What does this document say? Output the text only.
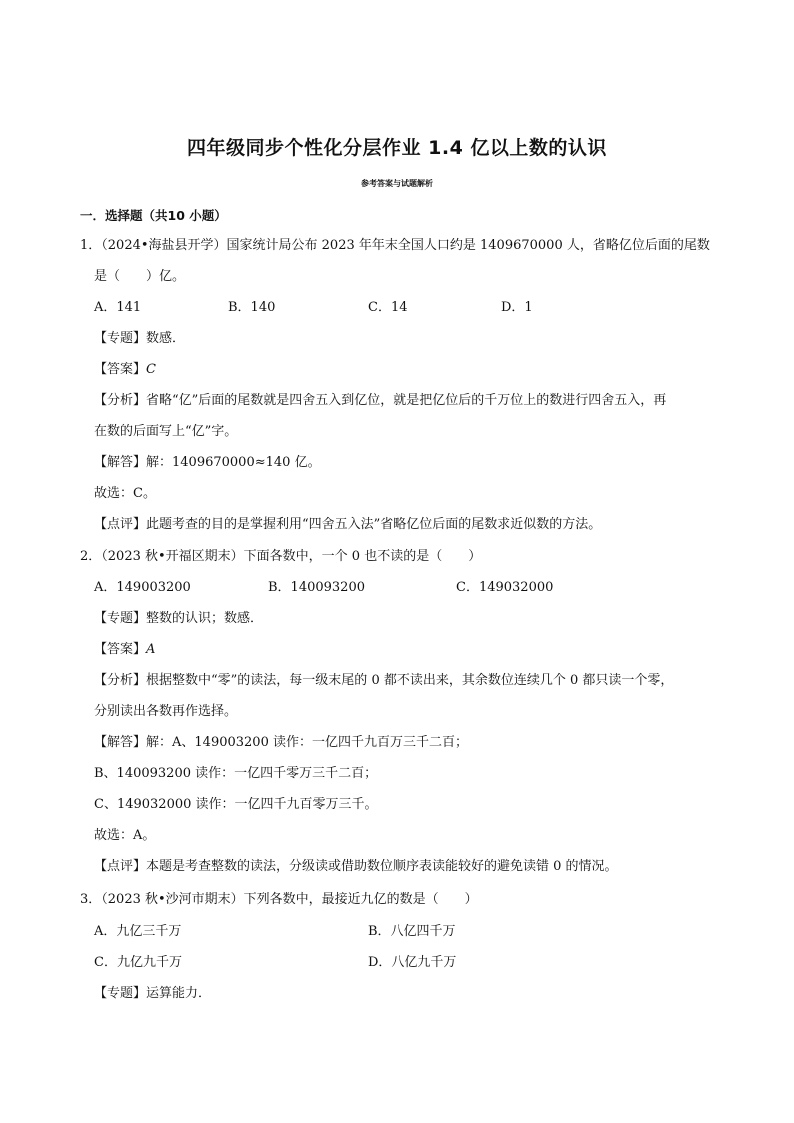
四年级同步个性化分层作业 1.4 亿以上数的认识
参考答案与试题解析
一．选择题（共10 小题）
1．（2024•海盐县开学）国家统计局公布 2023 年年末全国人口约是 1409670000 人，省略亿位后面的尾数
是（　　）亿。
A．141	B．140	C．14	D．1
【专题】数感．
【答案】C
【分析】省略“亿”后面的尾数就是四舍五入到亿位，就是把亿位后的千万位上的数进行四舍五入，再
在数的后面写上“亿”字。
【解答】解：1409670000≈140 亿。
故选：C。
【点评】此题考查的目的是掌握利用“四舍五入法”省略亿位后面的尾数求近似数的方法。
2．（2023 秋•开福区期末）下面各数中，一个 0 也不读的是（　　）
A．149003200	B．140093200	C．149032000
【专题】整数的认识；数感．
【答案】A
【分析】根据整数中“零”的读法，每一级末尾的 0 都不读出来，其余数位连续几个 0 都只读一个零，
分别读出各数再作选择。
【解答】解：A、149003200 读作：一亿四千九百万三千二百；
B、140093200 读作：一亿四千零万三千二百；
C、149032000 读作：一亿四千九百零万三千。
故选：A。
【点评】本题是考查整数的读法，分级读或借助数位顺序表读能较好的避免读错 0 的情况。
3．（2023 秋•沙河市期末）下列各数中，最接近九亿的数是（　　）
A．九亿三千万	B．八亿四千万
C．九亿九千万	D．八亿九千万
【专题】运算能力．
